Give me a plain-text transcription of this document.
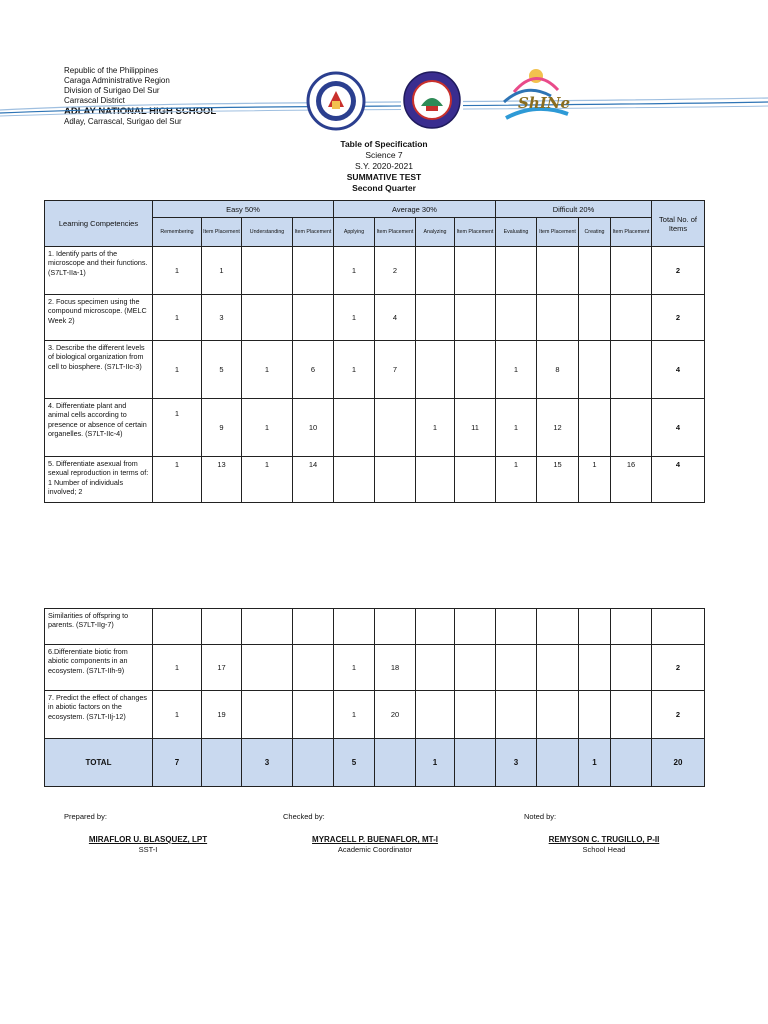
Republic of the Philippines
Caraga Administrative Region
Division of Surigao Del Sur
Carrascal District
ADLAY NATIONAL HIGH SCHOOL
Adlay, Carrascal, Surigao del Sur
ShINe
Table of Specification
Science 7
S.Y. 2020-2021
SUMMATIVE TEST
Second Quarter
Learning Competencies	Easy 50%				Average 30%				Difficult 20%				Total No. of Items
	Remembering	Item Placement	Understanding	Item Placement	Applying	Item Placement	Analyzing	Item Placement	Evaluating	Item Placement	Creating	Item Placement	
1. Identify parts of the microscope and their functions. (S7LT-IIa-1)	1	1			1	2							2
2. Focus specimen using the compound microscope. (MELC Week 2)	1	3			1	4							2
3. Describe the different levels of biological organization from cell to biosphere. (S7LT-IIc-3)	1	5	1	6	1	7			1	8			4
4. Differentiate plant and animal cells according to presence or absence of certain organelles. (S7LT-IIc-4)	1	9	1	10			1	11	1	12			4
5. Differentiate asexual from sexual reproduction in terms of: 1 Number of individuals involved; 2	1	13	1	14					1	15	1	16	4
Similarities of offspring to parents. (S7LT-IIg-7)													
6.Differentiate biotic from abiotic components in an ecosystem. (S7LT-IIh-9)	1	17			1	18							2
7. Predict the effect of changes in abiotic factors on the ecosystem. (S7LT-IIj-12)	1	19			1	20							2
TOTAL	7		3		5		1		3		1		20
Prepared by:	Checked by:	Noted by:
MIRAFLOR U. BLASQUEZ, LPT
SST-I
MYRACELL P. BUENAFLOR, MT-I
Academic Coordinator
REMYSON C. TRUGILLO, P-II
School Head
